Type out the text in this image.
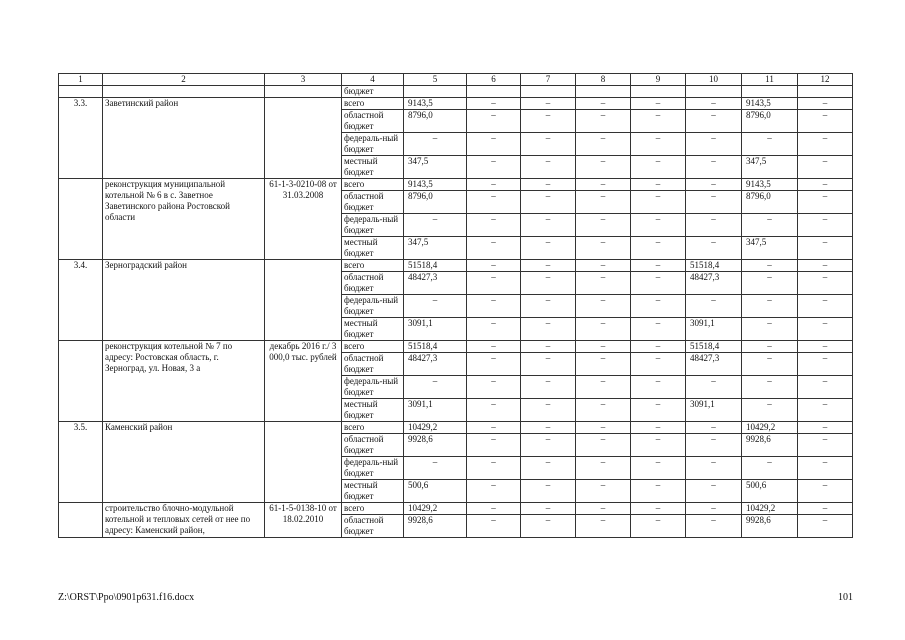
1	2	3	4	5	6	7	8	9	10	11	12
			бюджет								
3.3.	Заветинский район		всего	9143,5	–	–	–	–	–	9143,5	–
			областной бюджет	8796,0	–	–	–	–	–	8796,0	–
			федераль-ный бюджет	–	–	–	–	–	–	–	–
			местный бюджет	347,5	–	–	–	–	–	347,5	–
	реконструкция муниципальной котельной № 6 в с. Заветное Заветинского района Ростовской области	61-1-3-0210-08 от 31.03.2008	всего	9143,5	–	–	–	–	–	9143,5	–
			областной бюджет	8796,0	–	–	–	–	–	8796,0	–
			федераль-ный бюджет	–	–	–	–	–	–	–	–
			местный бюджет	347,5	–	–	–	–	–	347,5	–
3.4.	Зерноградский район		всего	51518,4	–	–	–	–	51518,4	–	–
			областной бюджет	48427,3	–	–	–	–	48427,3	–	–
			федераль-ный бюджет	–	–	–	–	–	–	–	–
			местный бюджет	3091,1	–	–	–	–	3091,1	–	–
	реконструкция котельной № 7 по адресу: Ростовская область, г. Зерноград, ул. Новая, 3 а	декабрь 2016 г./ 3 000,0 тыс. рублей	всего	51518,4	–	–	–	–	51518,4	–	–
			областной бюджет	48427,3	–	–	–	–	48427,3	–	–
			федераль-ный бюджет	–	–	–	–	–	–	–	–
			местный бюджет	3091,1	–	–	–	–	3091,1	–	–
3.5.	Каменский район		всего	10429,2	–	–	–	–	–	10429,2	–
			областной бюджет	9928,6	–	–	–	–	–	9928,6	–
			федераль-ный бюджет	–	–	–	–	–	–	–	–
			местный бюджет	500,6	–	–	–	–	–	500,6	–
	строительство блочно-модульной котельной и тепловых сетей от нее по адресу: Каменский район,	61-1-5-0138-10 от 18.02.2010	всего	10429,2	–	–	–	–	–	10429,2	–
			областной бюджет	9928,6	–	–	–	–	–	9928,6	–
Z:\ORST\Ppo\0901p631.f16.docx	101
